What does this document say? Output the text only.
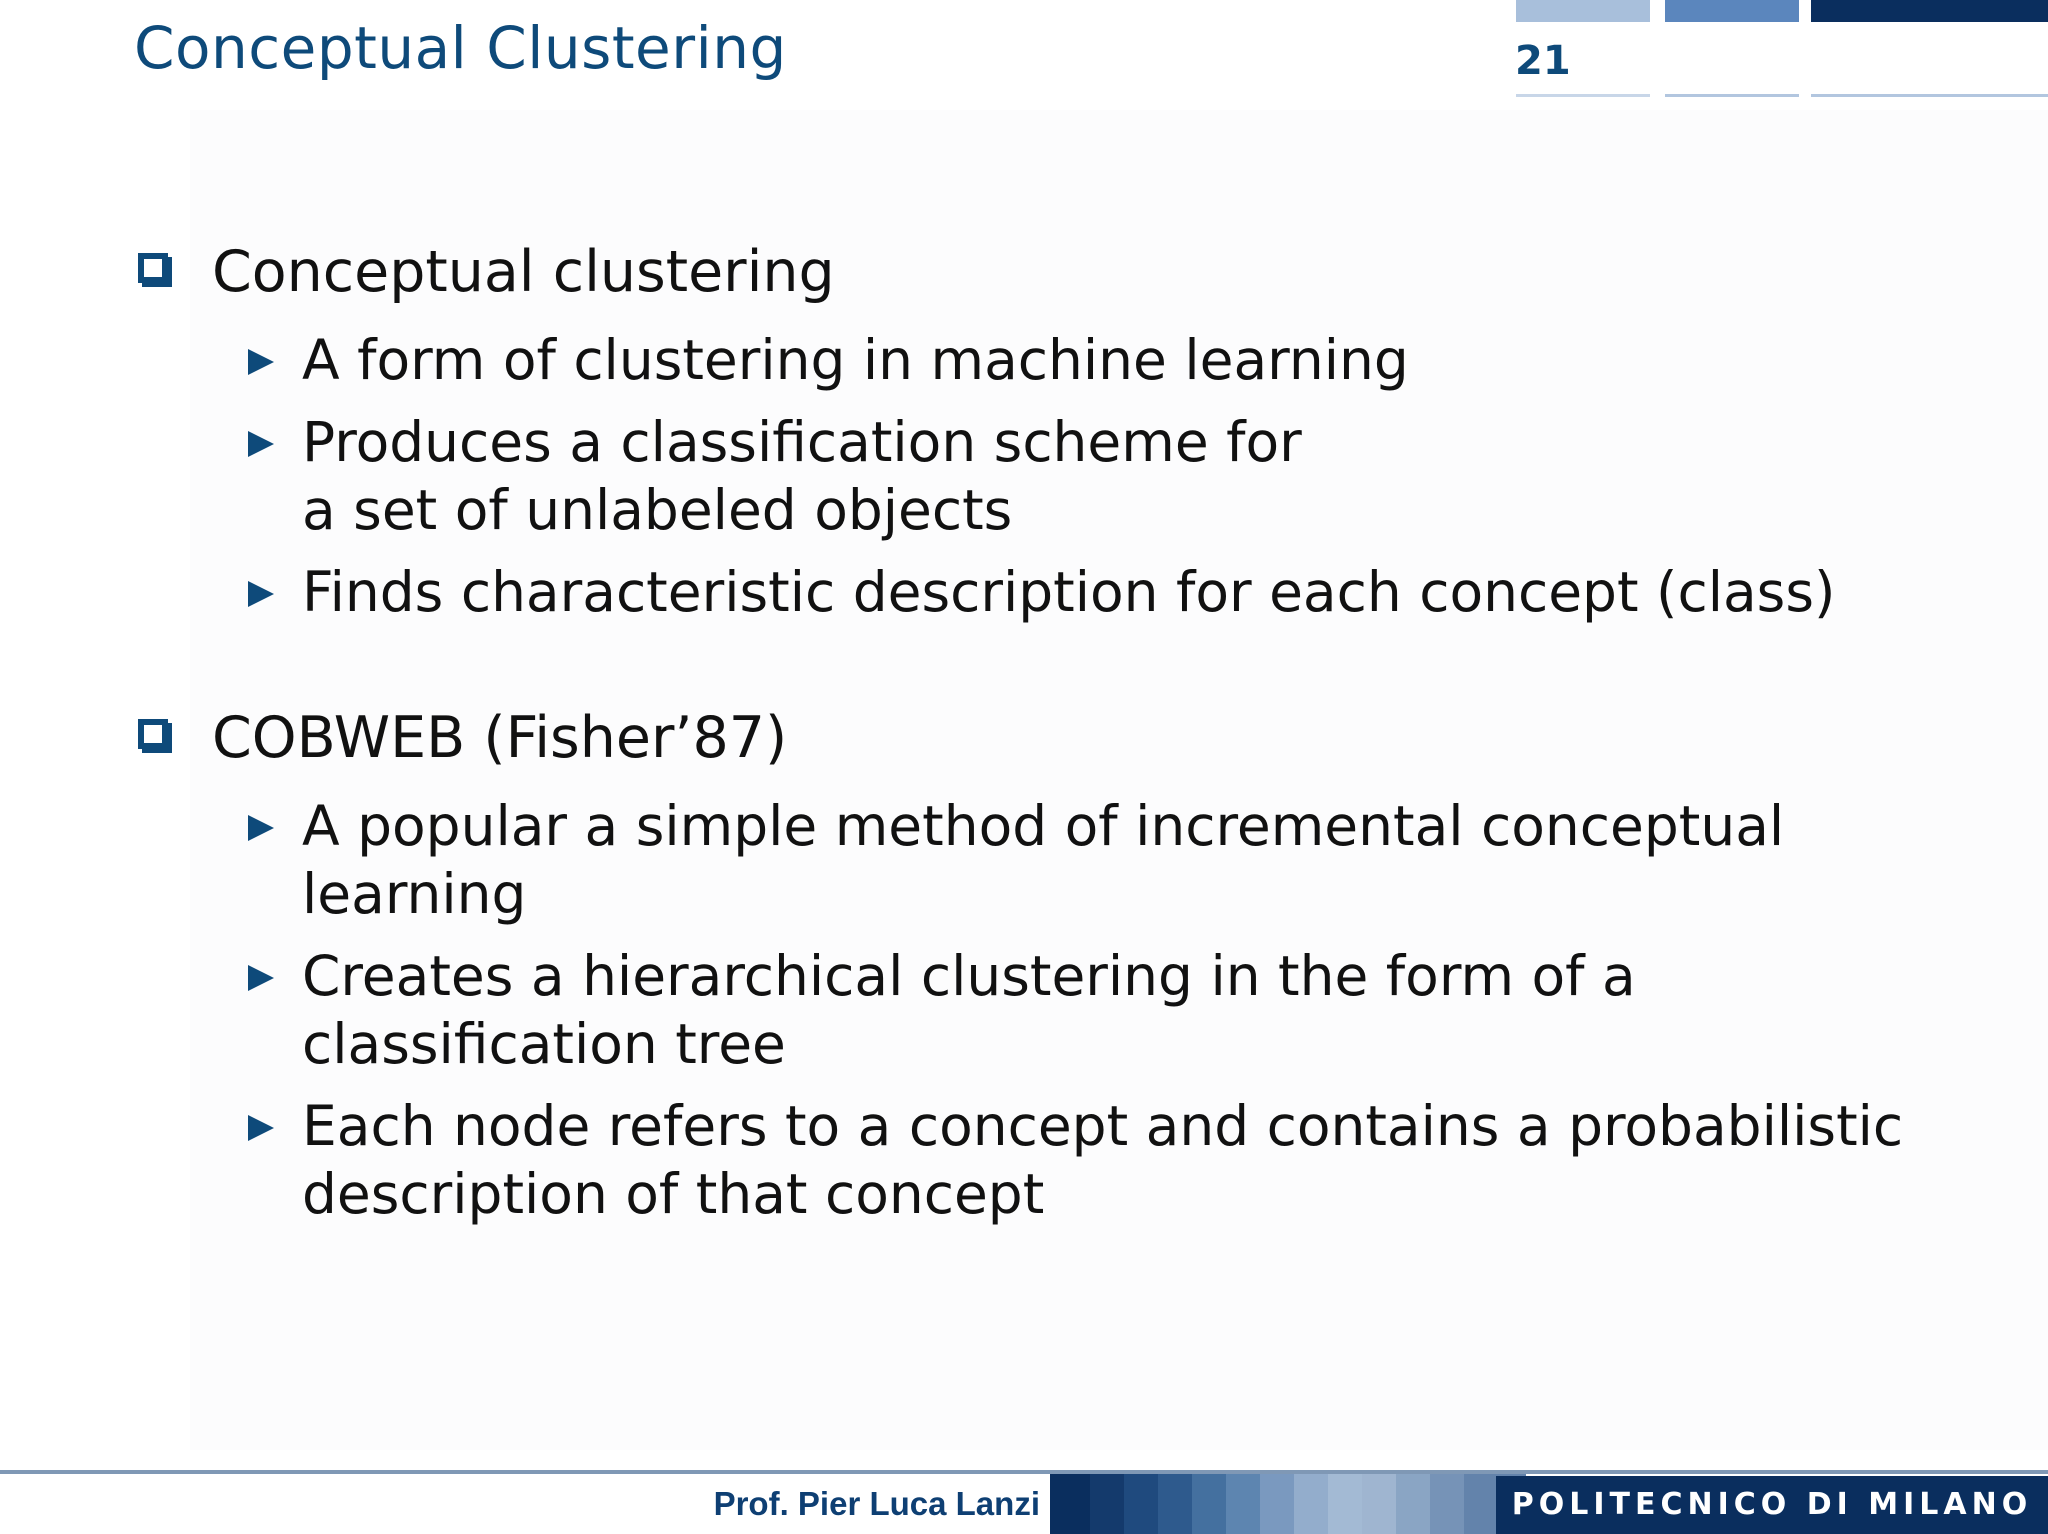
Conceptual Clustering	21
Conceptual clustering
A form of clustering in machine learning
Produces a classification scheme for
a set of unlabeled objects
Finds characteristic description for each concept (class)
COBWEB (Fisher’87)
A popular a simple method of incremental conceptual
learning
Creates a hierarchical clustering in the form of a
classification tree
Each node refers to a concept and contains a probabilistic
description of that concept
Prof. Pier Luca Lanzi	POLITECNICO DI MILANO
